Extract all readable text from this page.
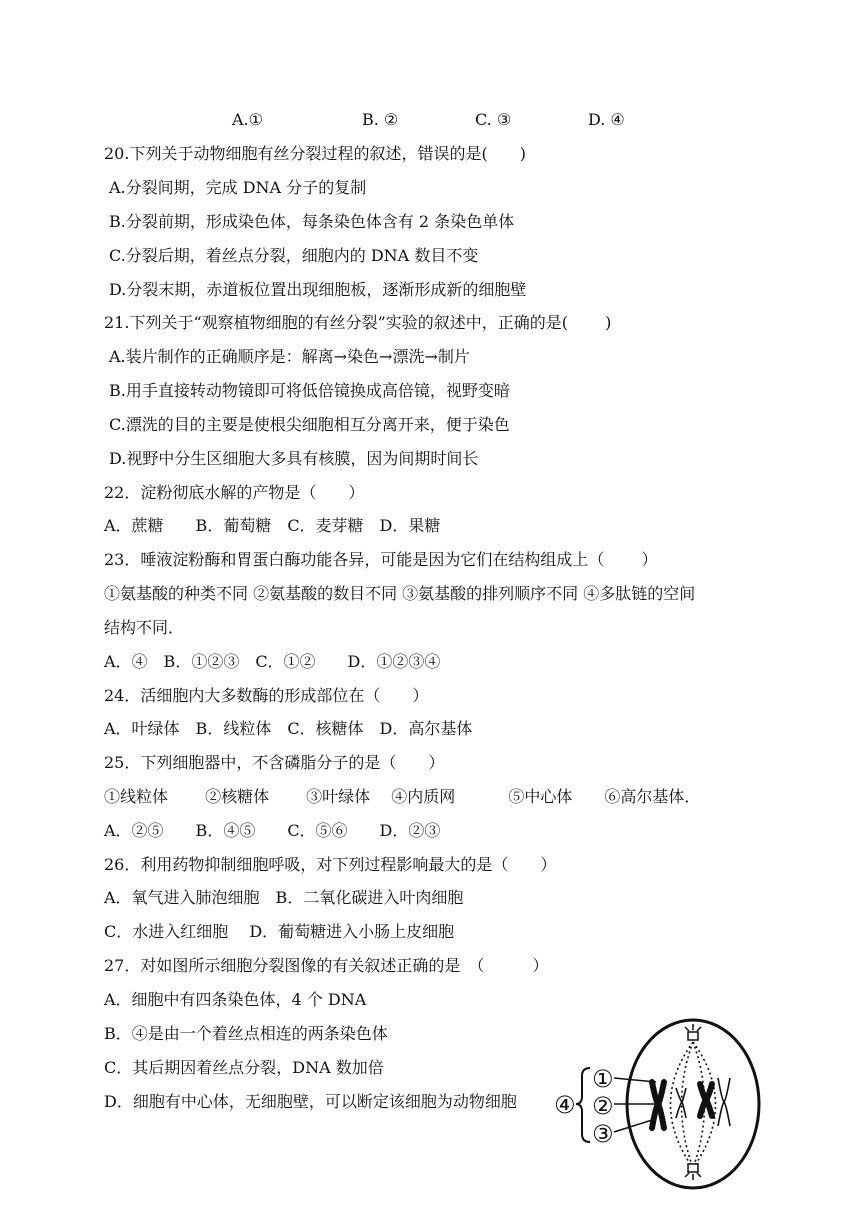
A.①	B. ②	C. ③	D. ④
20.下列关于动物细胞有丝分裂过程的叙述，错误的是(　　)
A.分裂间期，完成 DNA 分子的复制
B.分裂前期，形成染色体，每条染色体含有 2 条染色单体
C.分裂后期，着丝点分裂，细胞内的 DNA 数目不变
D.分裂末期，赤道板位置出现细胞板，逐渐形成新的细胞壁
21.下列关于“观察植物细胞的有丝分裂”实验的叙述中，正确的是(　　 )
A.装片制作的正确顺序是：解离→染色→漂洗→制片
B.用手直接转动物镜即可将低倍镜换成高倍镜，视野变暗
C.漂洗的目的主要是使根尖细胞相互分离开来，便于染色
D.视野中分生区细胞大多具有核膜，因为间期时间长
22．淀粉彻底水解的产物是（　　）
A．蔗糖　　B．葡萄糖　C．麦芽糖　D．果糖
23．唾液淀粉酶和胃蛋白酶功能各异，可能是因为它们在结构组成上（　　 ）
①氨基酸的种类不同 ②氨基酸的数目不同 ③氨基酸的排列顺序不同 ④多肽链的空间
结构不同．
A．④　B．①②③　C．①②　　D．①②③④
24．活细胞内大多数酶的形成部位在（　　）
A．叶绿体　B．线粒体　C．核糖体　D．高尔基体
25．下列细胞器中，不含磷脂分子的是（　　）
①线粒体　　 ②核糖体　　 ③叶绿体　 ④内质网　　　 ⑤中心体　　⑥高尔基体．
A．②⑤　　B．④⑤　　C．⑤⑥　　D．②③
26．利用药物抑制细胞呼吸，对下列过程影响最大的是（　　）
A．氧气进入肺泡细胞　B．二氧化碳进入叶肉细胞
C．水进入红细胞　 D．葡萄糖进入小肠上皮细胞
27．对如图所示细胞分裂图像的有关叙述正确的是　（　　　）
A．细胞中有四条染色体，4 个 DNA
B．④是由一个着丝点相连的两条染色体
C．其后期因着丝点分裂，DNA 数加倍
D．细胞有中心体，无细胞壁，可以断定该细胞为动物细胞
①
②
③
④
